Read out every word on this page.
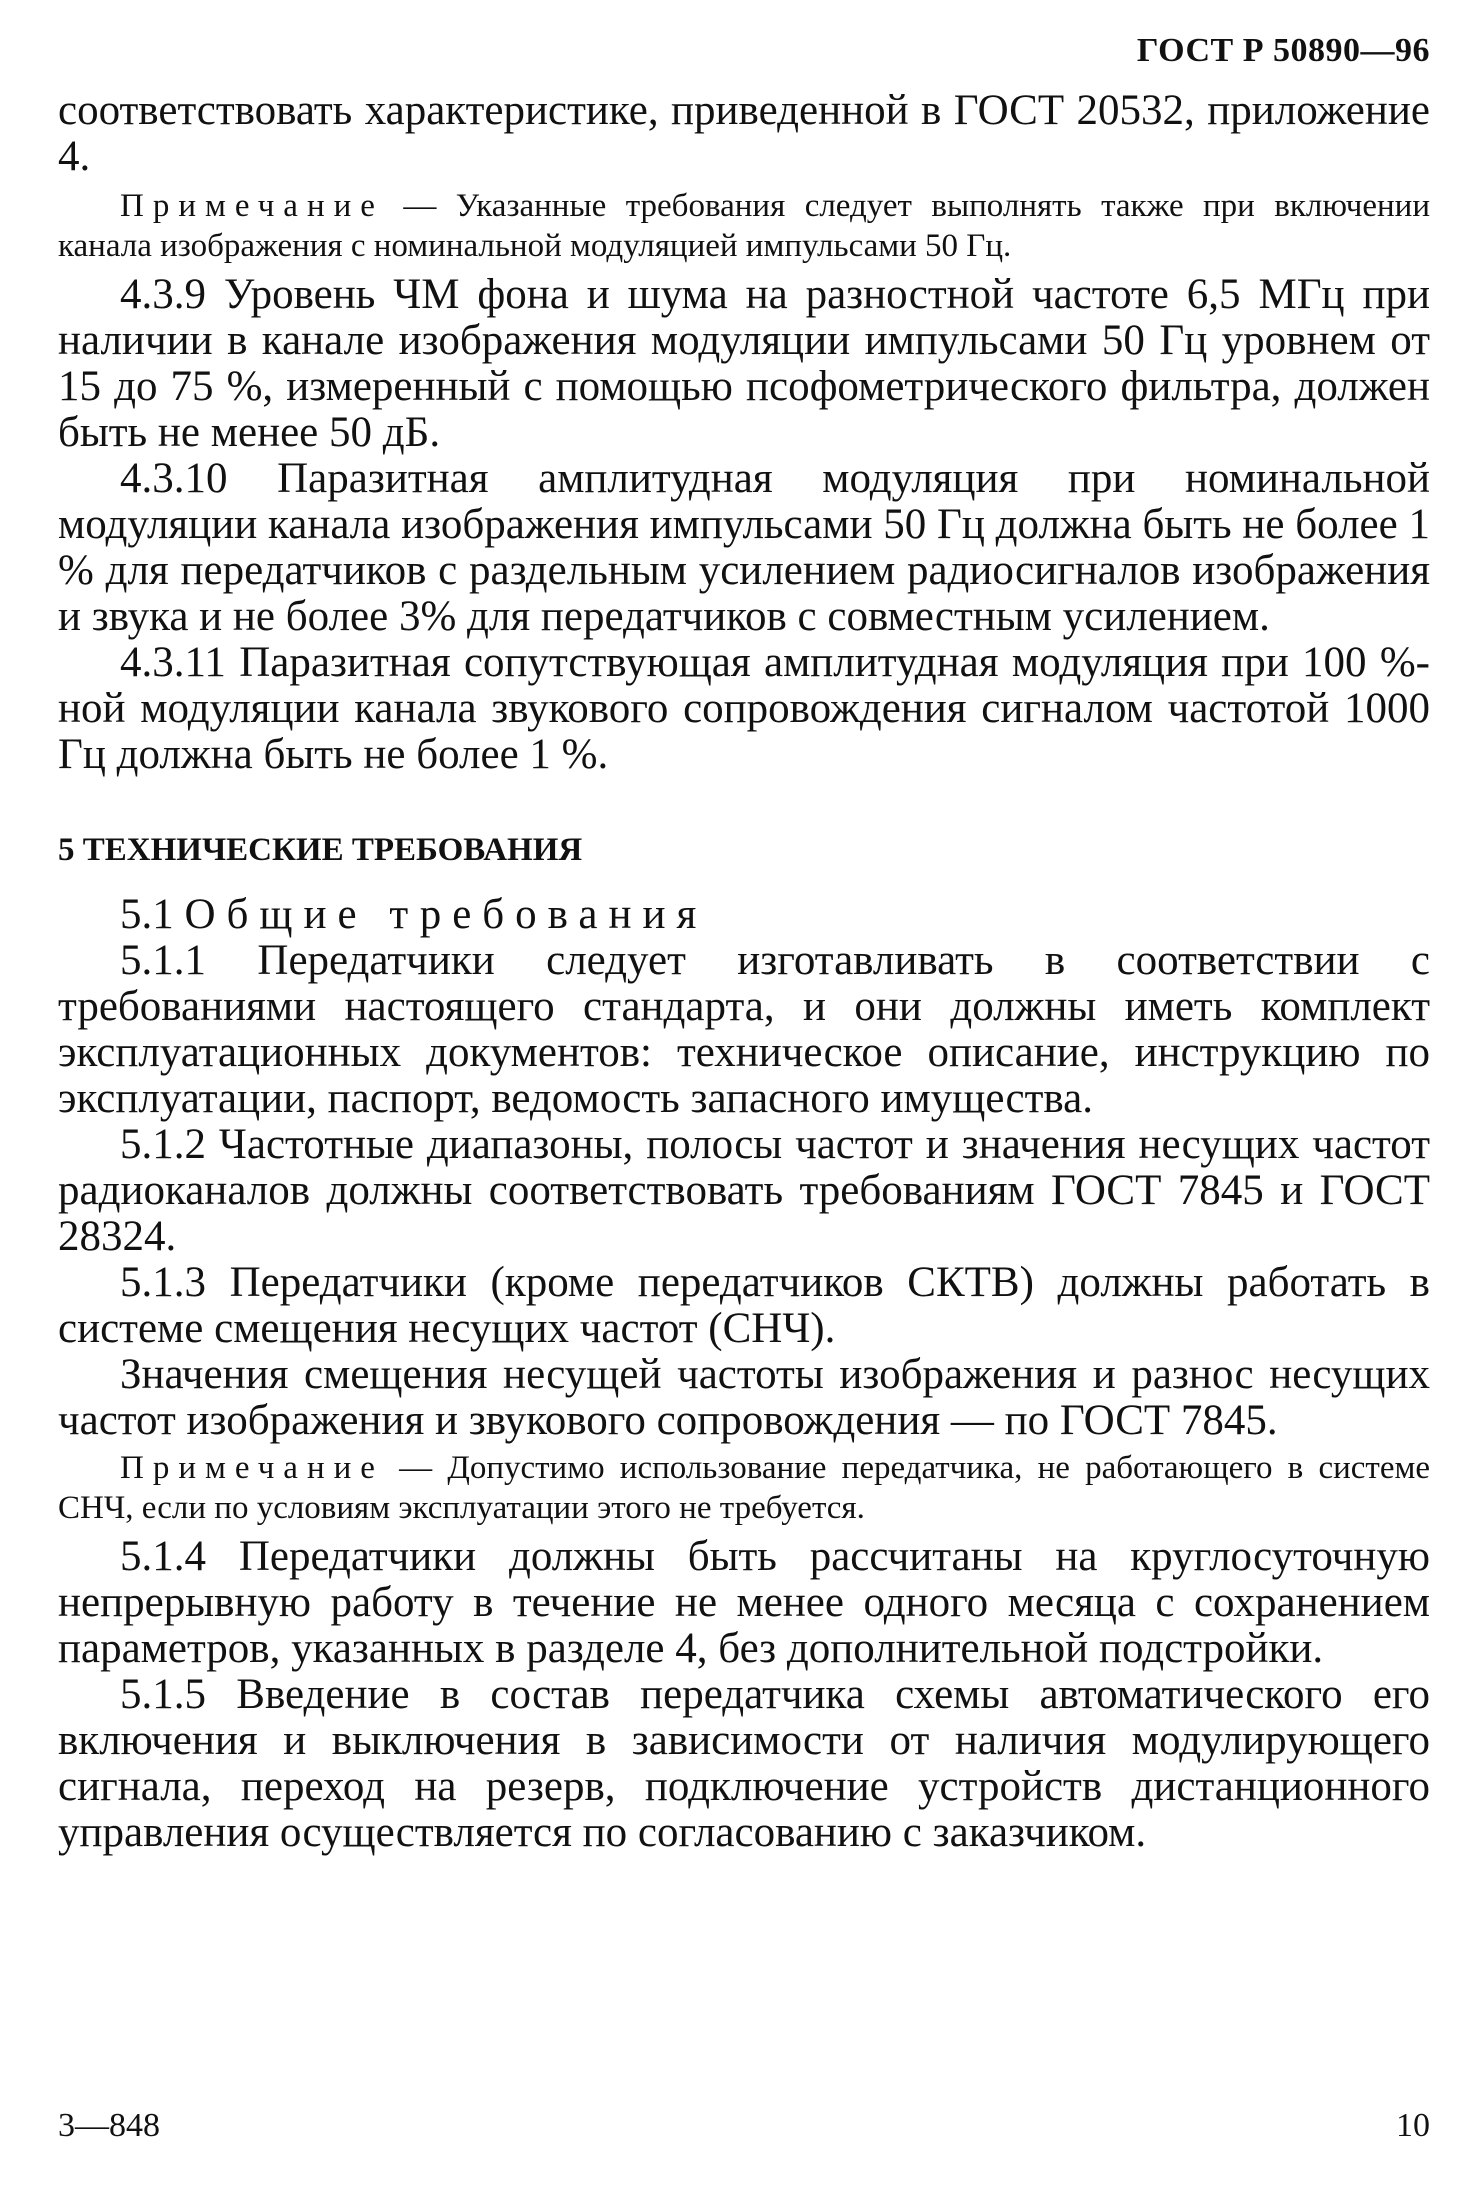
ГОСТ Р 50890—96

соответствовать характеристике, приведенной в ГОСТ 20532, приложение 4.

Примечание — Указанные требования следует выполнять также при включении канала изображения с номинальной модуляцией импульсами 50 Гц.

4.3.9 Уровень ЧМ фона и шума на разностной частоте 6,5 МГц при наличии в канале изображения модуляции импульсами 50 Гц уровнем от 15 до 75 %, измеренный с помощью псофометрического фильтра, должен быть не менее 50 дБ.

4.3.10 Паразитная амплитудная модуляция при номинальной модуляции канала изображения импульсами 50 Гц должна быть не более 1 % для передатчиков с раздельным усилением радиосигналов изображения и звука и не более 3% для передатчиков с совместным усилением.

4.3.11 Паразитная сопутствующая амплитудная модуляция при 100 %-ной модуляции канала звукового сопровождения сигналом частотой 1000 Гц должна быть не более 1 %.

5 ТЕХНИЧЕСКИЕ ТРЕБОВАНИЯ

5.1 Общие требования

5.1.1 Передатчики следует изготавливать в соответствии с требованиями настоящего стандарта, и они должны иметь комплект эксплуатационных документов: техническое описание, инструкцию по эксплуатации, паспорт, ведомость запасного имущества.

5.1.2 Частотные диапазоны, полосы частот и значения несущих частот радиоканалов должны соответствовать требованиям ГОСТ 7845 и ГОСТ 28324.

5.1.3 Передатчики (кроме передатчиков СКТВ) должны работать в системе смещения несущих частот (СНЧ).

Значения смещения несущей частоты изображения и разнос несущих частот изображения и звукового сопровождения — по ГОСТ 7845.

Примечание — Допустимо использование передатчика, не работающего в системе СНЧ, если по условиям эксплуатации этого не требуется.

5.1.4 Передатчики должны быть рассчитаны на круглосуточную непрерывную работу в течение не менее одного месяца с сохранением параметров, указанных в разделе 4, без дополнительной подстройки.

5.1.5 Введение в состав передатчика схемы автоматического его включения и выключения в зависимости от наличия модулирующего сигнала, переход на резерв, подключение устройств дистанционного управления осуществляется по согласованию с заказчиком.

3—848	10
